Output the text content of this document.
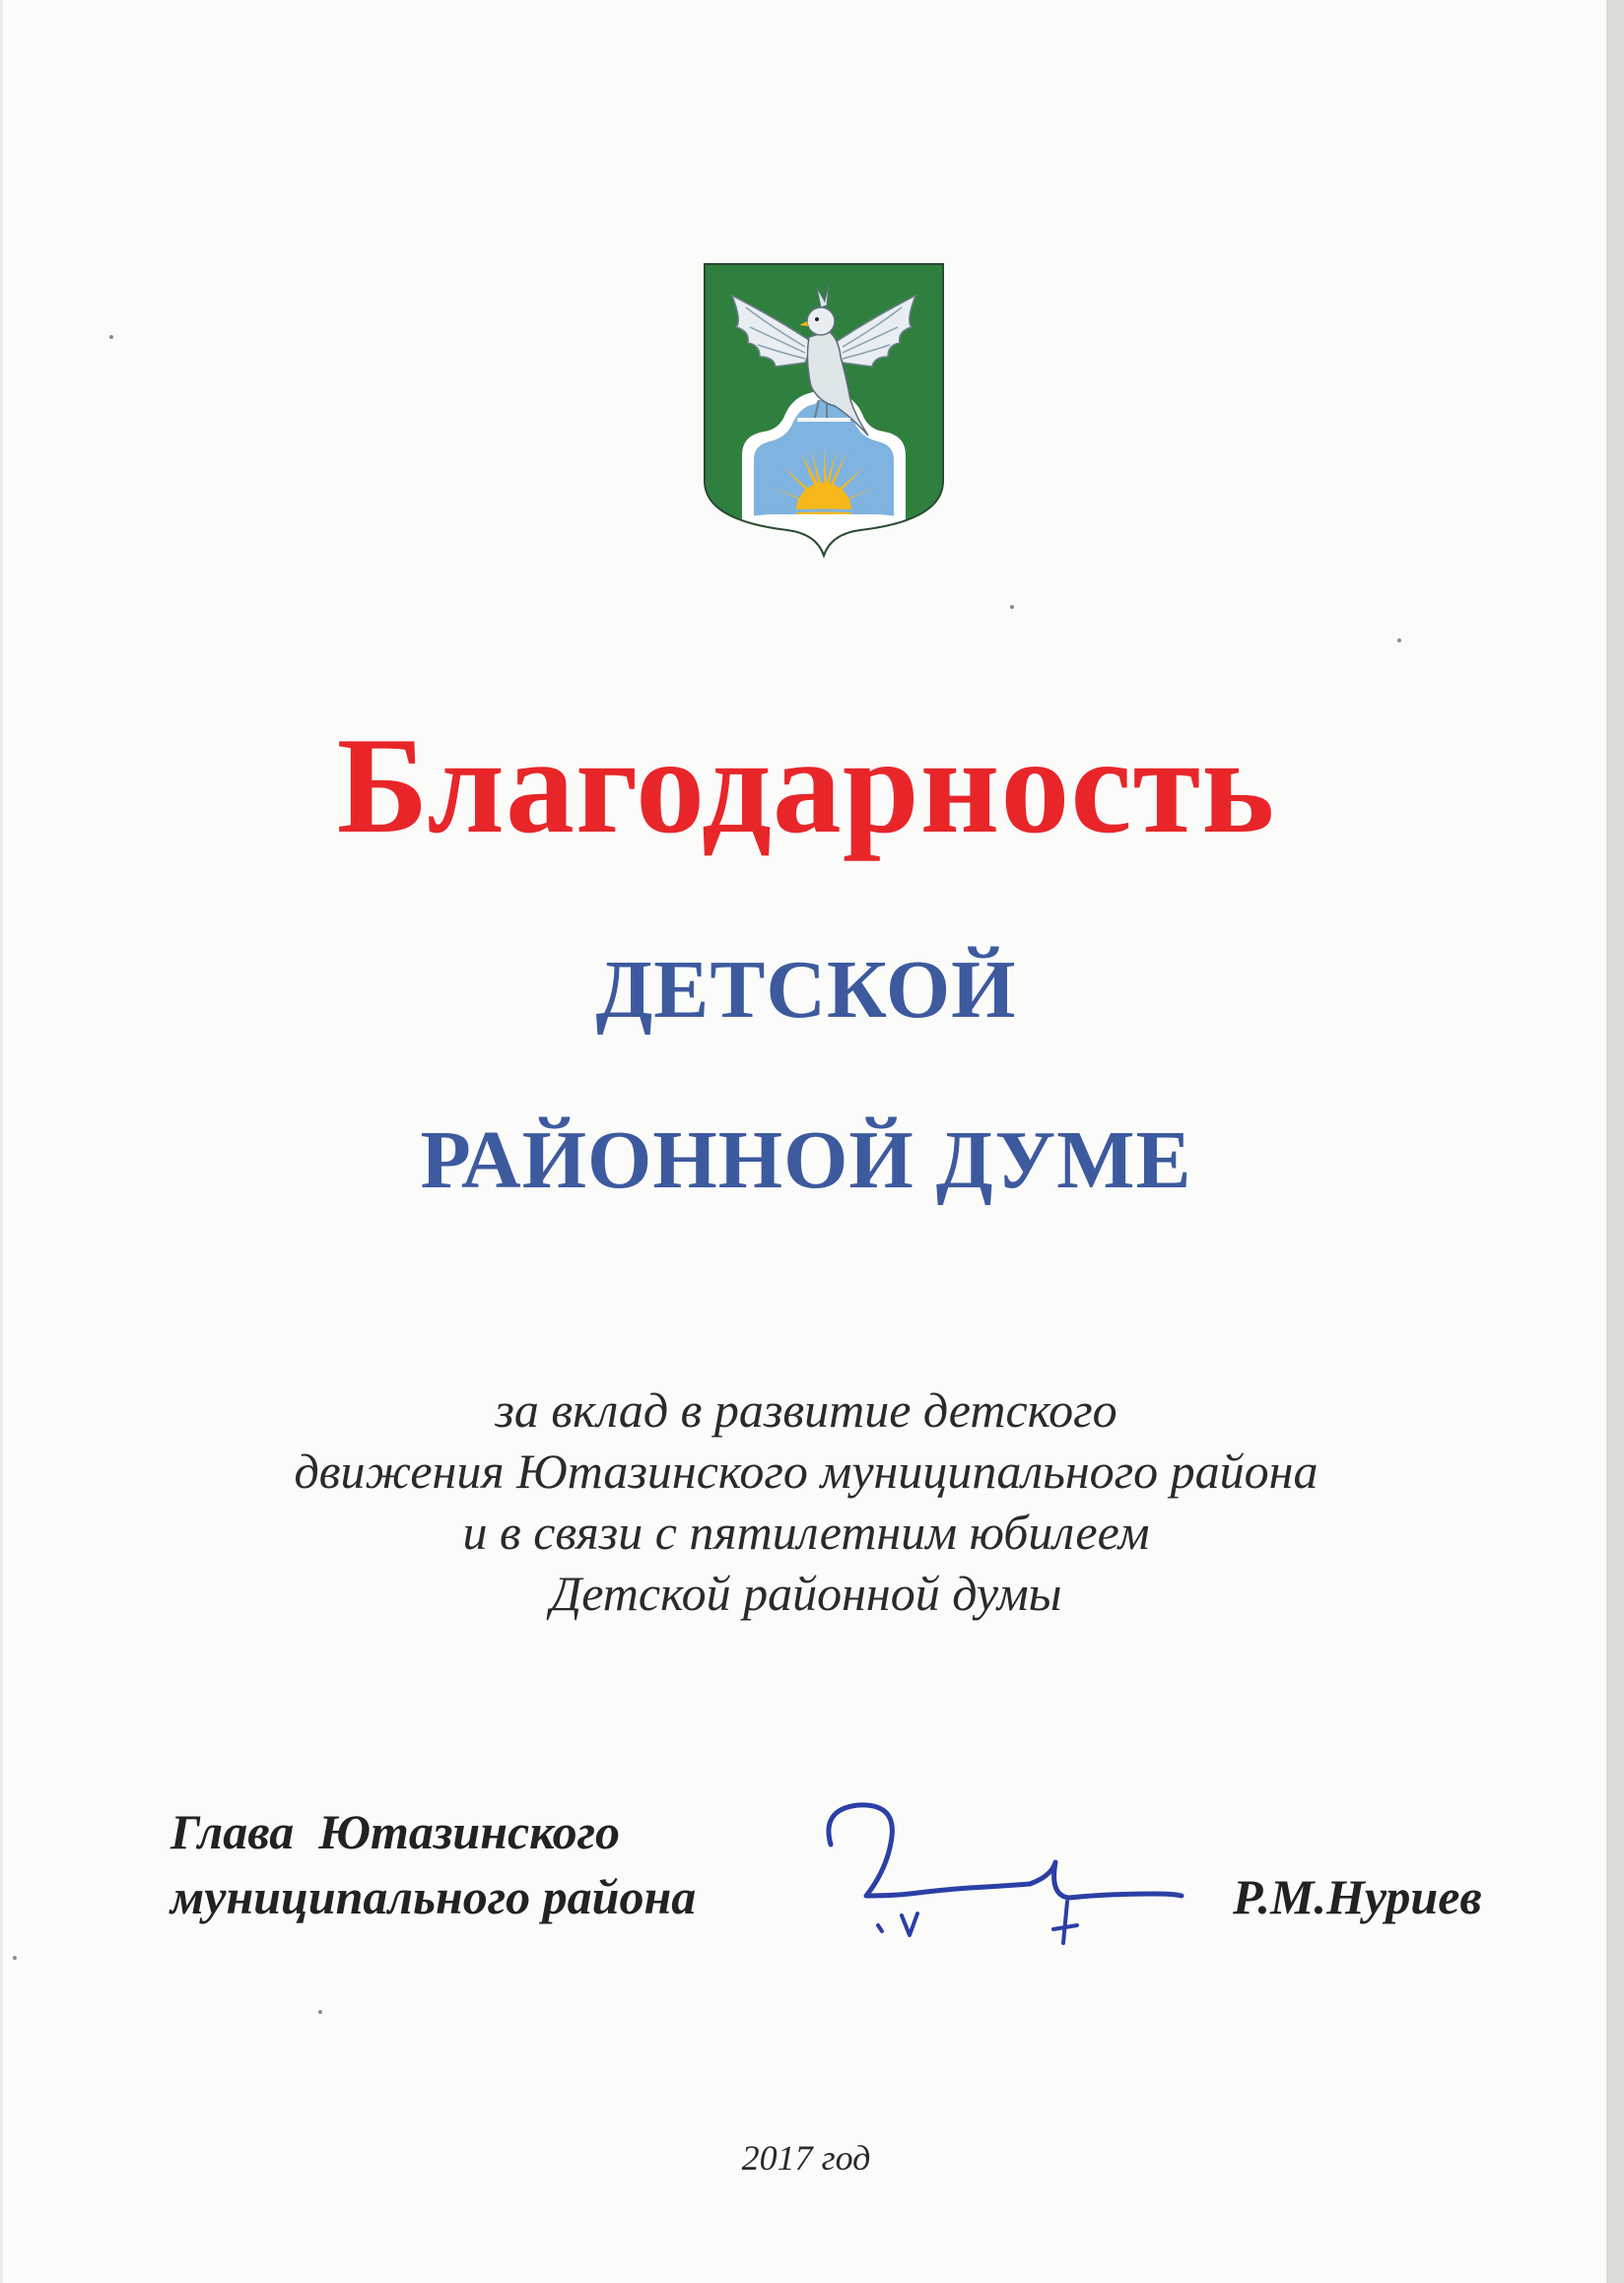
Благодарность
ДЕТСКОЙ
РАЙОННОЙ ДУМЕ
за вклад в развитие детского
движения Ютазинского муниципального района
и в связи с пятилетним юбилеем
Детской районной думы
Глава  Ютазинского
муниципального района	Р.М.Нуриев
2017 год
